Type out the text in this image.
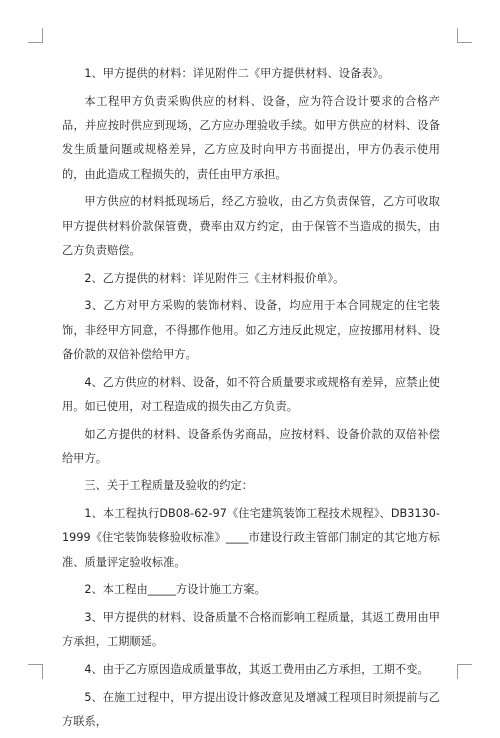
1、甲方提供的材料：详见附件二《甲方提供材料、设备表》。

本工程甲方负责采购供应的材料、设备，应为符合设计要求的合格产品，并应按时供应到现场，乙方应办理验收手续。如甲方供应的材料、设备发生质量问题或规格差异，乙方应及时向甲方书面提出，甲方仍表示使用的，由此造成工程损失的，责任由甲方承担。

甲方供应的材料抵现场后，经乙方验收，由乙方负责保管，乙方可收取甲方提供材料价款保管费，费率由双方约定，由于保管不当造成的损失，由乙方负责赔偿。

2、乙方提供的材料：详见附件三《主材料报价单》。

3、乙方对甲方采购的装饰材料、设备，均应用于本合同规定的住宅装饰，非经甲方同意，不得挪作他用。如乙方违反此规定，应按挪用材料、设备价款的双倍补偿给甲方。

4、乙方供应的材料、设备，如不符合质量要求或规格有差异，应禁止使用。如已使用，对工程造成的损失由乙方负责。

如乙方提供的材料、设备系伪劣商品，应按材料、设备价款的双倍补偿给甲方。

三、关于工程质量及验收的约定：

1、本工程执行DB08-62-97《住宅建筑装饰工程技术规程》、DB3130-1999《住宅装饰装修验收标准》____市建设行政主管部门制定的其它地方标准、质量评定验收标准。

2、本工程由_____方设计施工方案。

3、甲方提供的材料、设备质量不合格而影响工程质量，其返工费用由甲方承担，工期顺延。

4、由于乙方原因造成质量事故，其返工费用由乙方承担，工期不变。

5、在施工过程中，甲方提出设计修改意见及增减工程项目时须提前与乙方联系，
